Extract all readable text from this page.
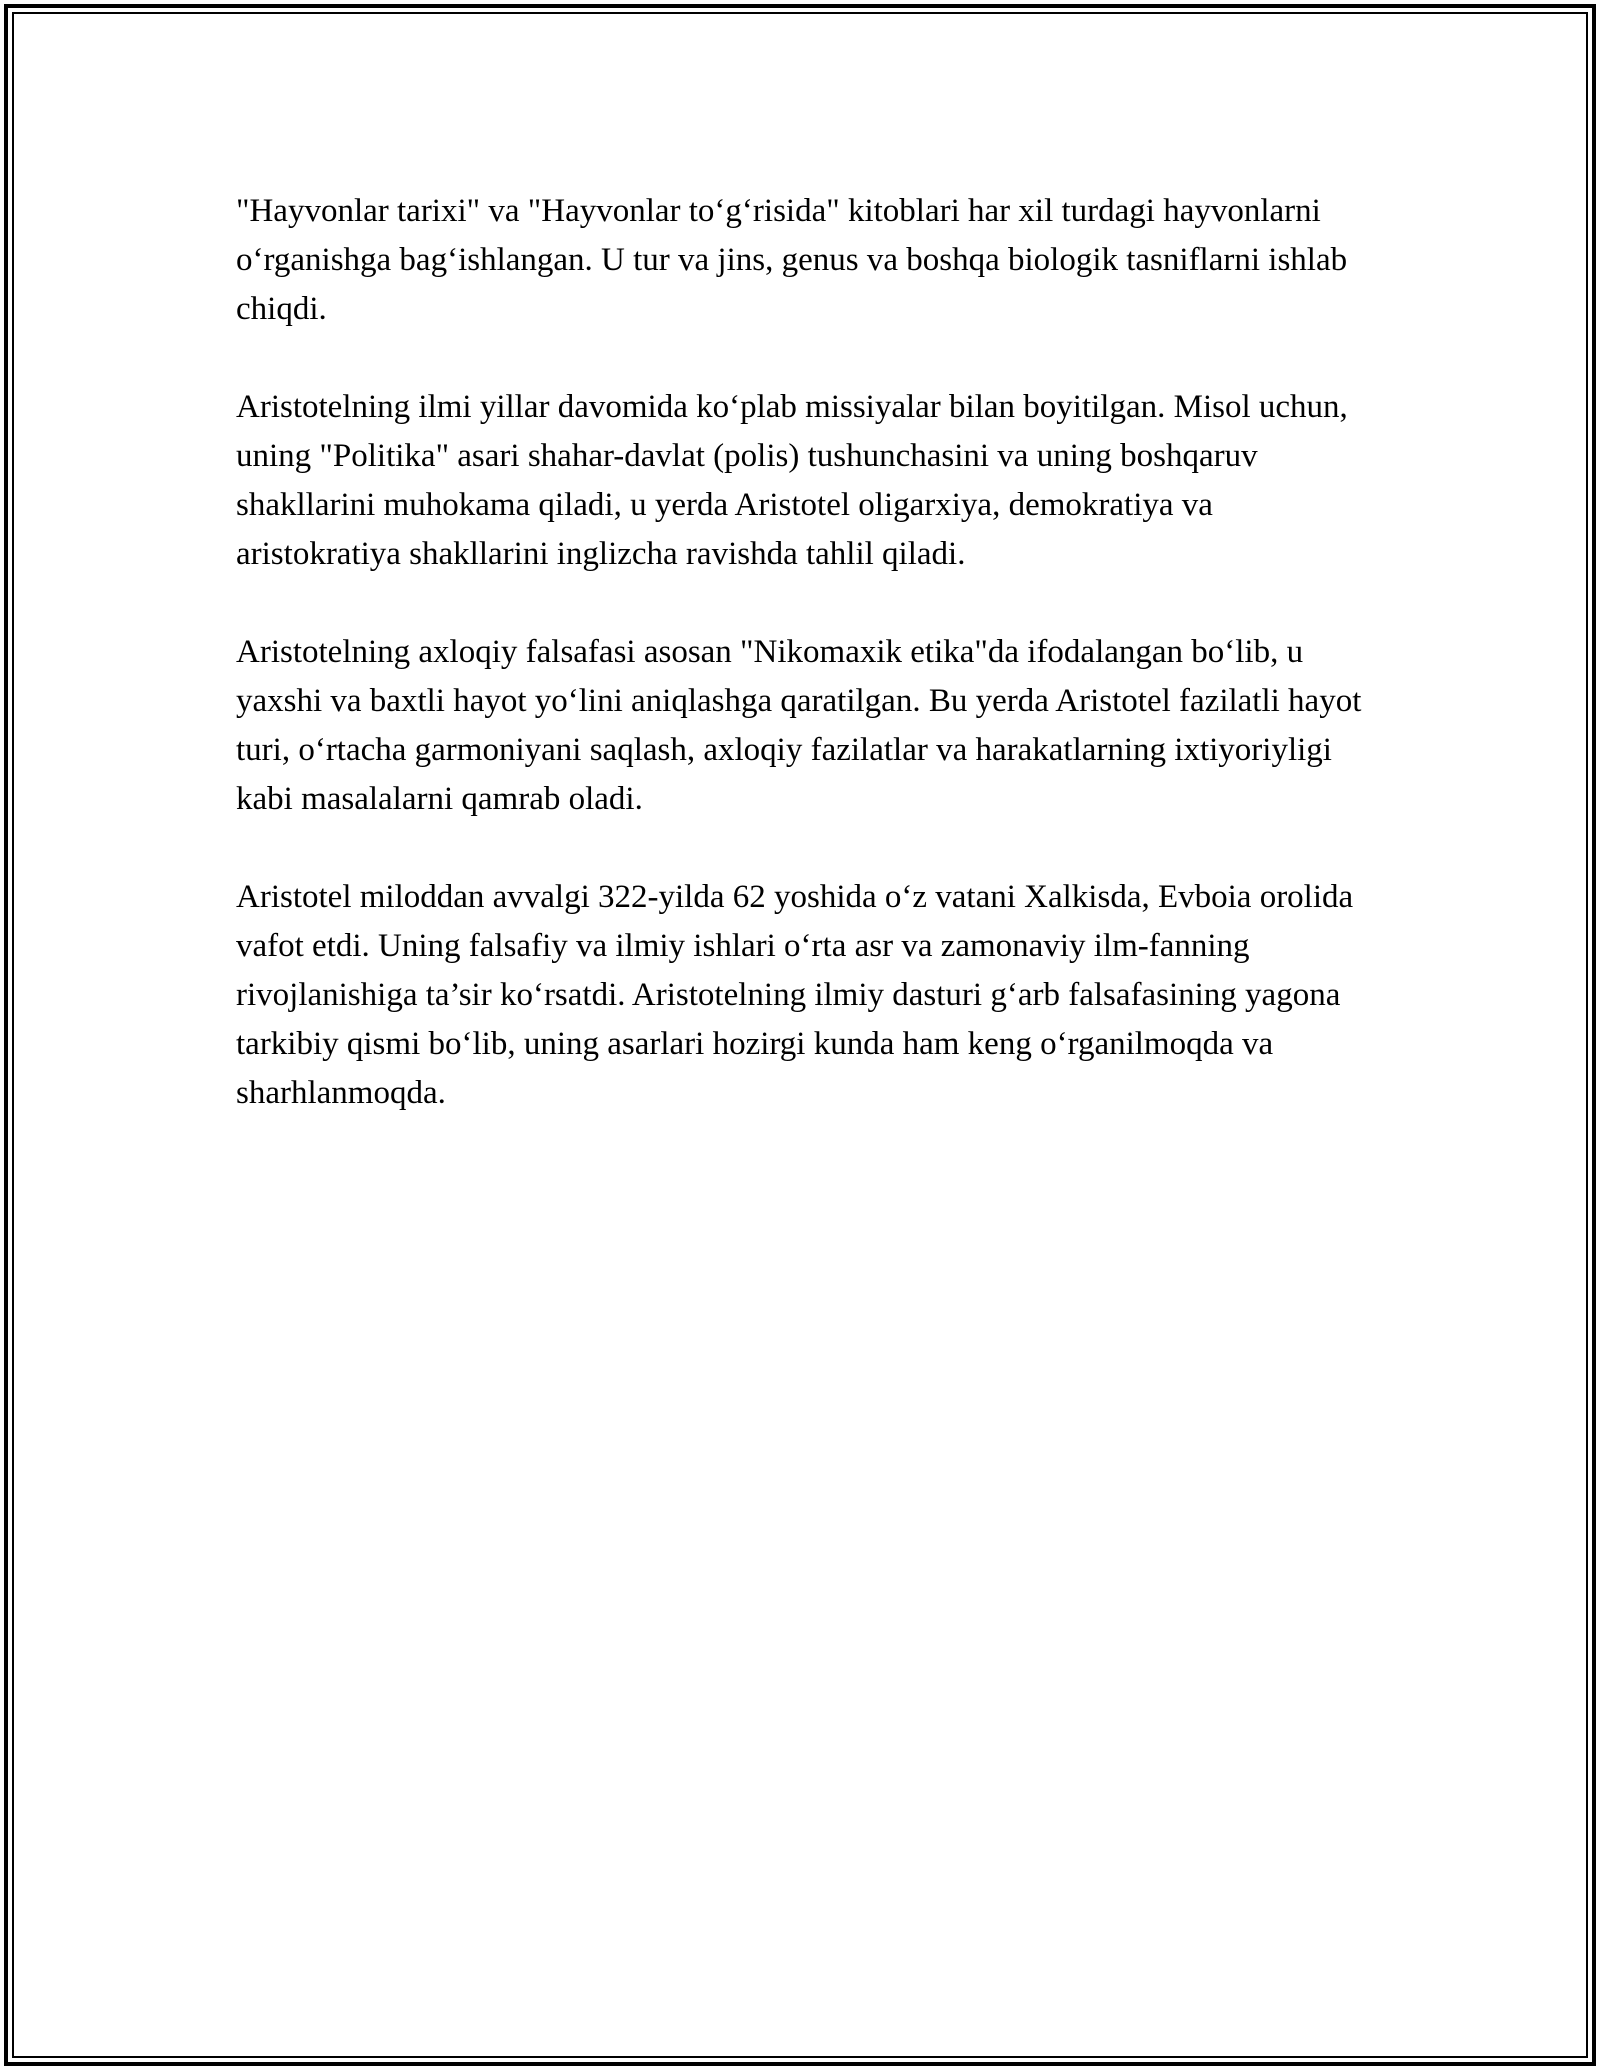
"Hayvonlar tarixi" va "Hayvonlar to‘g‘risida" kitoblari har xil turdagi hayvonlarni o‘rganishga bag‘ishlangan. U tur va jins, genus va boshqa biologik tasniflarni ishlab chiqdi.

Aristotelning ilmi yillar davomida ko‘plab missiyalar bilan boyitilgan. Misol uchun, uning "Politika" asari shahar-davlat (polis) tushunchasini va uning boshqaruv shakllarini muhokama qiladi, u yerda Aristotel oligarxiya, demokratiya va aristokratiya shakllarini inglizcha ravishda tahlil qiladi.

Aristotelning axloqiy falsafasi asosan "Nikomaxik etika"da ifodalangan bo‘lib, u yaxshi va baxtli hayot yo‘lini aniqlashga qaratilgan. Bu yerda Aristotel fazilatli hayot turi, o‘rtacha garmoniyani saqlash, axloqiy fazilatlar va harakatlarning ixtiyoriyligi kabi masalalarni qamrab oladi.

Aristotel miloddan avvalgi 322-yilda 62 yoshida o‘z vatani Xalkisda, Evboia orolida vafot etdi. Uning falsafiy va ilmiy ishlari o‘rta asr va zamonaviy ilm-fanning rivojlanishiga ta’sir ko‘rsatdi. Aristotelning ilmiy dasturi g‘arb falsafasining yagona tarkibiy qismi bo‘lib, uning asarlari hozirgi kunda ham keng o‘rganilmoqda va sharhlanmoqda.
